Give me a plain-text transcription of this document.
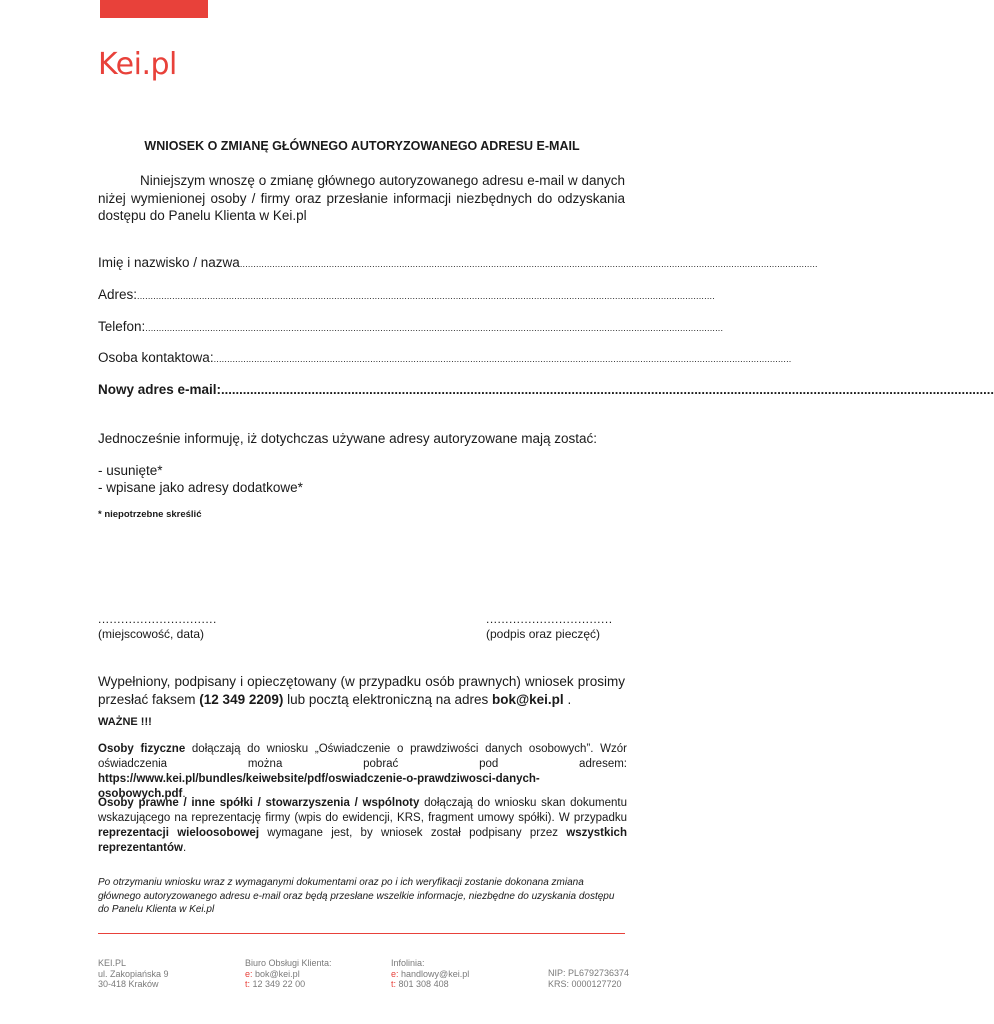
Kei.pl
WNIOSEK O ZMIANĘ GŁÓWNEGO AUTORYZOWANEGO ADRESU E-MAIL
Niniejszym wnoszę o zmianę głównego autoryzowanego adresu e-mail w danych niżej wymienionej osoby / firmy oraz przesłanie informacji niezbędnych do odzyskania dostępu do Panelu Klienta w Kei.pl
Imię i nazwisko / nazwa ......................................................................................................................................................................................................................
Adres: ......................................................................................................................................................................................................................
Telefon: ......................................................................................................................................................................................................................
Osoba kontaktowa: ......................................................................................................................................................................................................................
Nowy adres e-mail: ......................................................................................................................................................................................................................
Jednocześnie informuję, iż dotychczas używane adresy autoryzowane mają zostać:
- usunięte*
- wpisane jako adresy dodatkowe*
* niepotrzebne skreślić
...............................
(miejscowość, data)
.................................
(podpis oraz pieczęć)
Wypełniony, podpisany i opieczętowany (w przypadku osób prawnych) wniosek prosimy przesłać faksem (12 349 2209) lub pocztą elektroniczną na adres bok@kei.pl .
WAŻNE !!!
Osoby fizyczne dołączają do wniosku „Oświadczenie o prawdziwości danych osobowych”. Wzór oświadczenia można pobrać pod adresem: https://www.kei.pl/bundles/keiwebsite/pdf/oswiadczenie-o-prawdziwosci-danych-osobowych.pdf.
Osoby prawne / inne spółki / stowarzyszenia / wspólnoty dołączają do wniosku skan dokumentu wskazującego na reprezentację firmy (wpis do ewidencji, KRS, fragment umowy spółki). W przypadku reprezentacji wieloosobowej wymagane jest, by wniosek został podpisany przez wszystkich reprezentantów.
Po otrzymaniu wniosku wraz z wymaganymi dokumentami oraz po i ich weryfikacji zostanie dokonana zmiana głównego autoryzowanego adresu e-mail oraz będą przesłane wszelkie informacje, niezbędne do uzyskania dostępu do Panelu Klienta w Kei.pl
KEI.PL
ul. Zakopiańska 9
30-418 Kraków
Biuro Obsługi Klienta:
e: bok@kei.pl
t: 12 349 22 00
Infolinia:
e: handlowy@kei.pl
t: 801 308 408
NIP: PL6792736374
KRS: 0000127720
